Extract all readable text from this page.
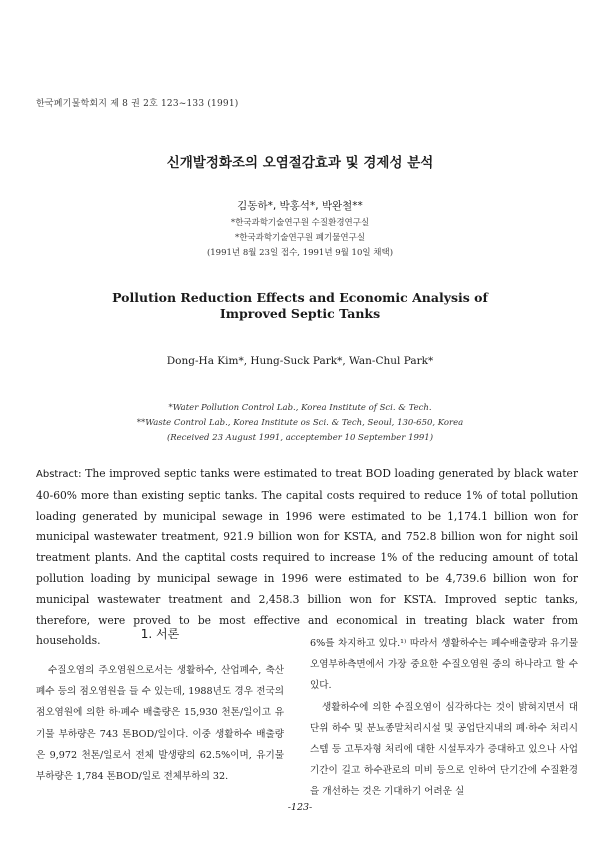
한국폐기물학회지 제 8 권 2호 123~133 (1991)
신개발정화조의 오염절감효과 및 경제성 분석
김동하*, 박홍석*, 박완철**
*한국과학기술연구원 수질환경연구실
*한국과학기술연구원 폐기물연구실
(1991년 8월 23일 접수, 1991년 9월 10일 채택)
Pollution Reduction Effects and Economic Analysis of
Improved Septic Tanks
Dong-Ha Kim*, Hung-Suck Park*, Wan-Chul Park*
*Water Pollution Control Lab., Korea Institute of Sci. & Tech.
**Waste Control Lab., Korea Institute os Sci. & Tech, Seoul, 130-650, Korea
(Received 23 August 1991, acceptember 10 September 1991)
Abstract: The improved septic tanks were estimated to treat BOD loading generated by black water 40-60% more than existing septic tanks. The capital costs required to reduce 1% of total pollution loading generated by municipal sewage in 1996 were estimated to be 1,174.1 billion won for municipal wastewater treatment, 921.9 billion won for KSTA, and 752.8 billion won for night soil treatment plants. And the captital costs required to increase 1% of the reducing amount of total pollution loading by municipal sewage in 1996 were estimated to be 4,739.6 billion won for municipal wastewater treatment and 2,458.3 billion won for KSTA. Improved septic tanks, therefore, were proved to be most effective and economical in treating black water from households.	1. 서론

수질오염의 주오염원으로서는 생활하수, 산업폐수, 축산폐수 등의 점오염원을 들 수 있는데, 1988년도 경우 전국의 점오염원에 의한 하·폐수 배출량은 15,930 천톤/일이고 유기물 부하량은 743 톤BOD/일이다. 이중 생활하수 배출량은 9,972 천톤/일로서 전체 발생량의 62.5%이며, 유기물부하량은 1,784 톤BOD/일로 전체부하의 32.

6%를 차지하고 있다.¹⁾ 따라서 생활하수는 폐수배출량과 유기물 오염부하측면에서 가장 중요한 수질오염원 중의 하나라고 할 수 있다.

생활하수에 의한 수질오염이 심각하다는 것이 밝혀지면서 대단위 하수 및 분뇨종말처리시설 및 공업단지내의 폐·하수 처리시스템 등 고투자형 처리에 대한 시설투자가 증대하고 있으나 사업기간이 길고 하수관로의 미비 등으로 인하여 단기간에 수질환경을 개선하는 것은 기대하기 어려운 실

-123-
